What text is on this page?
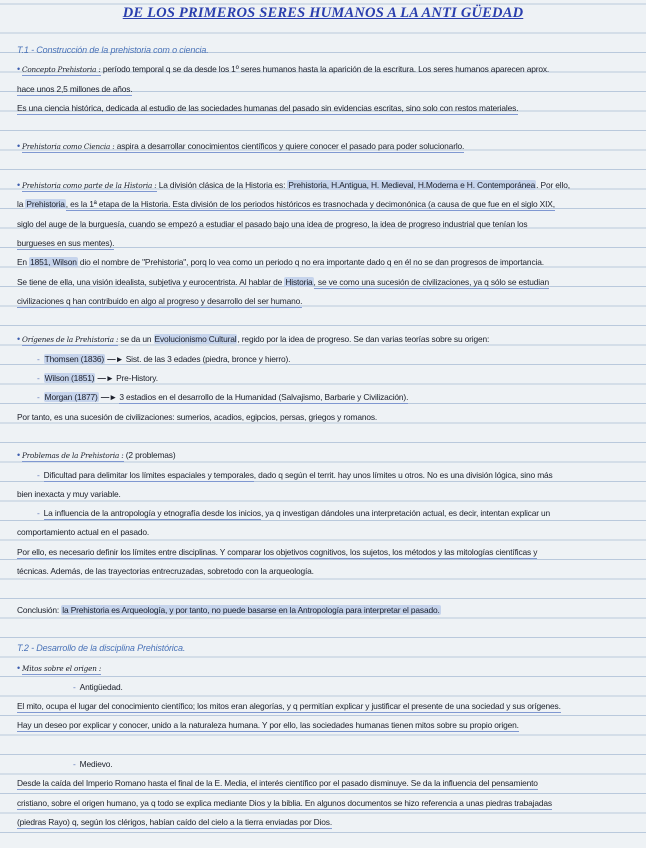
DE LOS PRIMEROS SERES HUMANOS A LA ANTI GÜEDAD
T.1 - Construcción de la prehistoria com o ciencia.
• Concepto Prehistoria : período temporal q se da desde los 1º seres humanos hasta la aparición de la escritura. Los seres humanos aparecen aprox.
hace unos 2,5 millones de años.
Es una ciencia histórica, dedicada al estudio de las sociedades humanas del pasado sin evidencias escritas, sino solo con restos materiales.
• Prehistoria como Ciencia : aspira a desarrollar conocimientos científicos y quiere conocer el pasado para poder solucionarlo.
• Prehistoria como parte de la Historia : La división clásica de la Historia es: Prehistoria, H.Antigua, H. Medieval, H.Moderna e H. Contemporánea. Por ello,
la Prehistoria, es la 1ª etapa de la Historia. Esta división de los periodos históricos es trasnochada y decimonónica (a causa de que fue en el siglo XIX,
siglo del auge de la burguesía, cuando se empezó a estudiar el pasado bajo una idea de progreso, la idea de progreso industrial que tenían los
burgueses en sus mentes).
En 1851, Wilson dio el nombre de "Prehistoria", porq lo vea como un periodo q no era importante dado q en él no se dan progresos de importancia.
Se tiene de ella, una visión idealista, subjetiva y eurocentrista. Al hablar de Historia, se ve como una sucesión de civilizaciones, ya q sólo se estudian
civilizaciones q han contribuido en algo al progreso y desarrollo del ser humano.
• Orígenes de la Prehistoria : se da un Evolucionismo Cultural, regido por la idea de progreso. Se dan varias teorías sobre su origen:
- Thomsen (1836) —► Sist. de las 3 edades (piedra, bronce y hierro).
- Wilson (1851) —► Pre-History.
- Morgan (1877) —► 3 estadios en el desarrollo de la Humanidad (Salvajismo, Barbarie y Civilización).
Por tanto, es una sucesión de civilizaciones: sumerios, acadios, egipcios, persas, griegos y romanos.
• Problemas de la Prehistoria : (2 problemas)
- Dificultad para delimitar los límites espaciales y temporales, dado q según el territ. hay unos límites u otros. No es una división lógica, sino más
bien inexacta y muy variable.
- La influencia de la antropología y etnografía desde los inicios, ya q investigan dándoles una interpretación actual, es decir, intentan explicar un
comportamiento actual en el pasado.
Por ello, es necesario definir los límites entre disciplinas. Y comparar los objetivos cognitivos, los sujetos, los métodos y las mitologías científicas y
técnicas. Además, de las trayectorias entrecruzadas, sobretodo con la arqueología.
Conclusión: la Prehistoria es Arqueología, y por tanto, no puede basarse en la Antropología para interpretar el pasado.
T.2 - Desarrollo de la disciplina Prehistórica.
• Mitos sobre el origen :
- Antigüedad.
El mito, ocupa el lugar del conocimiento científico; los mitos eran alegorías, y q permitían explicar y justificar el presente de una sociedad y sus orígenes.
Hay un deseo por explicar y conocer, unido a la naturaleza humana. Y por ello, las sociedades humanas tienen mitos sobre su propio origen.
- Medievo.
Desde la caída del Imperio Romano hasta el final de la E. Media, el interés científico por el pasado disminuye. Se da la influencia del pensamiento
cristiano, sobre el origen humano, ya q todo se explica mediante Dios y la biblia. En algunos documentos se hizo referencia a unas piedras trabajadas
(piedras Rayo) q, según los clérigos, habían caído del cielo a la tierra enviadas por Dios.
